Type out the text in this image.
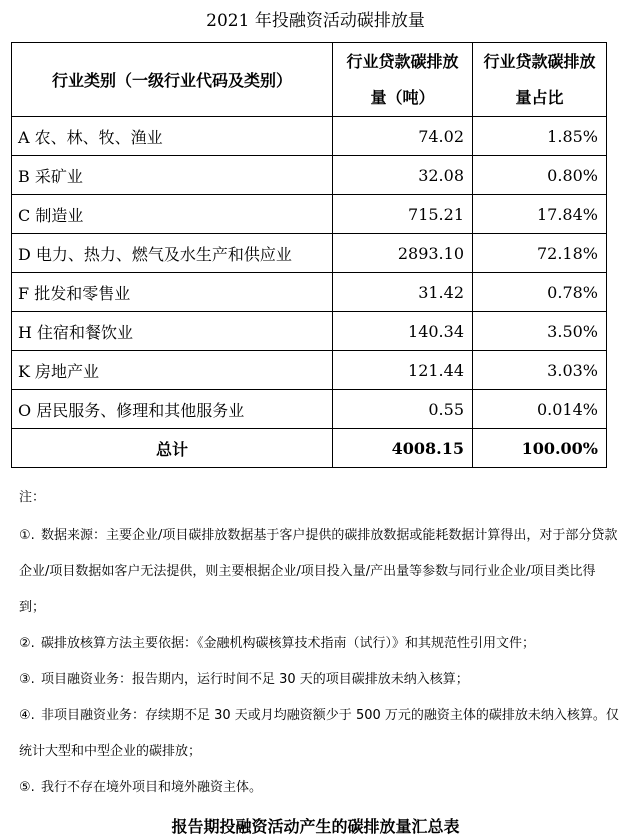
2021 年投融资活动碳排放量
行业类别（一级行业代码及类别）	行业贷款碳排放量（吨）	行业贷款碳排放量占比
A 农、林、牧、渔业	74.02	1.85%
B 采矿业	32.08	0.80%
C 制造业	715.21	17.84%
D 电力、热力、燃气及水生产和供应业	2893.10	72.18%
F 批发和零售业	31.42	0.78%
H 住宿和餐饮业	140.34	3.50%
K 房地产业	121.44	3.03%
O 居民服务、修理和其他服务业	0.55	0.014%
总计	4008.15	100.00%
注：
①. 数据来源：主要企业/项目碳排放数据基于客户提供的碳排放数据或能耗数据计算得出，对于部分贷款企业/项目数据如客户无法提供，则主要根据企业/项目投入量/产出量等参数与同行业企业/项目类比得到；
②. 碳排放核算方法主要依据：《金融机构碳核算技术指南（试行）》和其规范性引用文件；
③. 项目融资业务：报告期内，运行时间不足 30 天的项目碳排放未纳入核算；
④. 非项目融资业务：存续期不足 30 天或月均融资额少于 500 万元的融资主体的碳排放未纳入核算。仅统计大型和中型企业的碳排放；
⑤. 我行不存在境外项目和境外融资主体。
报告期投融资活动产生的碳排放量汇总表
